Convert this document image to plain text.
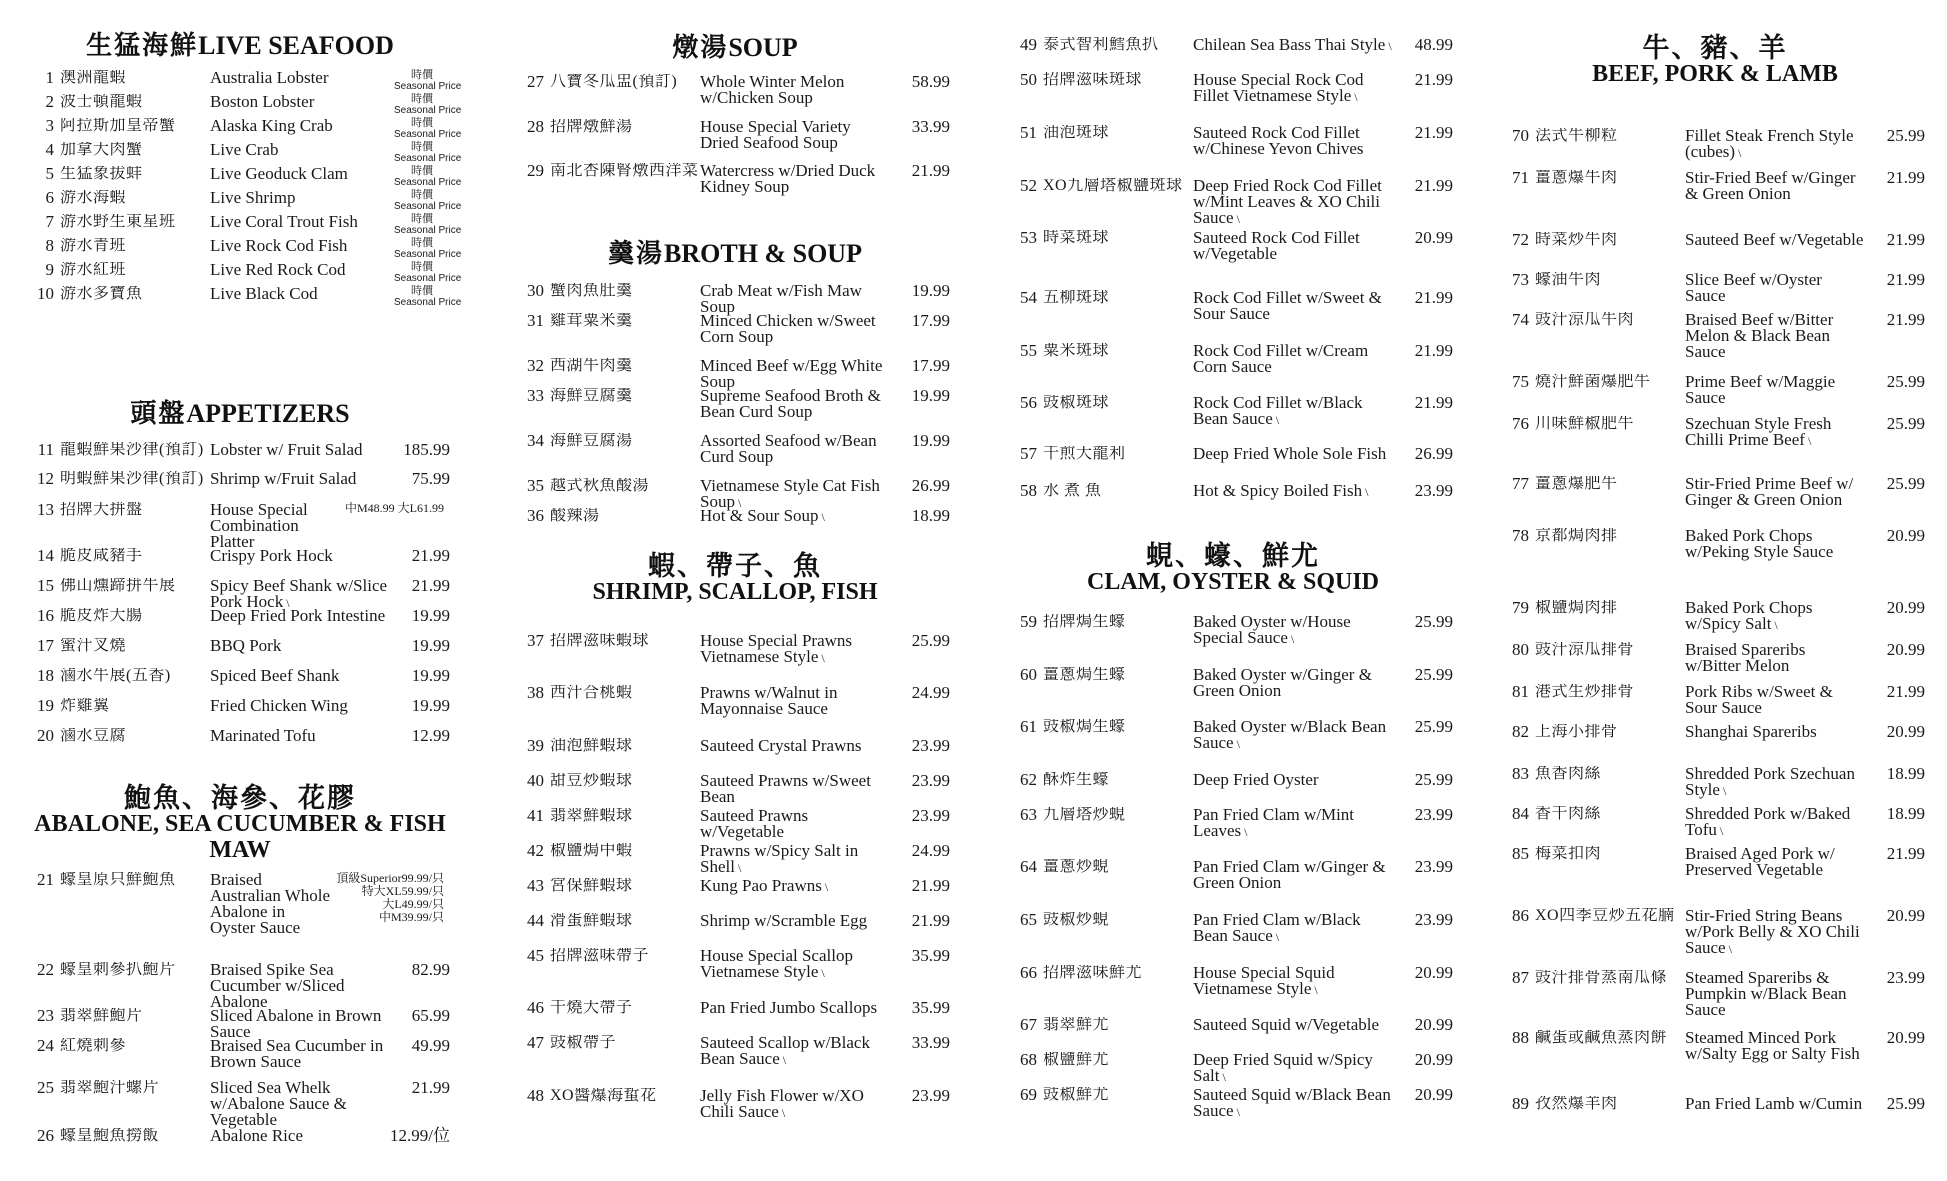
生猛海鮮LIVE SEAFOOD
1 澳洲龍蝦	Australia Lobster	時價
Seasonal Price
2 波士頓龍蝦	Boston Lobster	時價
Seasonal Price
3 阿拉斯加皇帝蟹	Alaska King Crab	時價
Seasonal Price
4 加拿大肉蟹	Live Crab	時價
Seasonal Price
5 生猛象拔蚌	Live Geoduck Clam	時價
Seasonal Price
6 游水海蝦	Live Shrimp	時價
Seasonal Price
7 游水野生東星班	Live Coral Trout Fish	時價
Seasonal Price
8 游水青班	Live Rock Cod Fish	時價
Seasonal Price
9 游水紅班	Live Red Rock Cod	時價
Seasonal Price
10 游水多寶魚	Live Black Cod	時價
Seasonal Price
頭盤APPETIZERS
11 龍蝦鮮果沙律(預訂) Lobster w/ Fruit Salad	185.99
12 明蝦鮮果沙律(預訂) Shrimp w/Fruit Salad	75.99
13 招牌大拼盤	House Special Combination Platter
中M48.99 大L61.99
14 脆皮咸豬手	Crispy Pork Hock	21.99
15 佛山燻蹄拼牛展	Spicy Beef Shank w/Slice Pork Hock \
21.99
16 脆皮炸大腸	Deep Fried Pork Intestine	19.99
17 蜜汁叉燒	BBQ Pork	19.99
18 滷水牛展(五香)	Spiced Beef Shank	19.99
19 炸雞翼	Fried Chicken Wing	19.99
20 滷水豆腐	Marinated Tofu	12.99
鮑魚、海參、花膠
ABALONE, SEA CUCUMBER & FISH MAW
21 蠔皇原只鮮鮑魚	Braised Australian Whole Abalone in Oyster Sauce
頂級Superior99.99/只
特大XL59.99/只
大L49.99/只
中M39.99/只
22 蠔皇刺參扒鮑片	Braised Spike Sea Cucumber w/Sliced Abalone
82.99
23 翡翠鮮鮑片	Sliced Abalone in Brown Sauce
65.99
24 紅燒刺參	Braised Sea Cucumber in Brown Sauce
49.99
25 翡翠鮑汁螺片	Sliced Sea Whelk w/Abalone Sauce & Vegetable
21.99
26 蠔皇鮑魚撈飯	Abalone Rice	12.99/位
燉湯SOUP
27 八寶冬瓜盅(預訂)	Whole Winter Melon w/Chicken Soup
58.99
28 招牌燉鮮湯	House Special Variety Dried Seafood Soup
33.99
29 南北杏陳腎燉西洋菜 Watercress w/Dried Duck Kidney Soup
21.99
羹湯BROTH & SOUP
30 蟹肉魚肚羹	Crab Meat w/Fish Maw Soup
19.99
31 雞茸粟米羹	Minced Chicken w/Sweet Corn Soup
17.99
32 西湖牛肉羹	Minced Beef w/Egg White Soup
17.99
33 海鮮豆腐羹	Supreme Seafood Broth & Bean Curd Soup
19.99
34 海鮮豆腐湯	Assorted Seafood w/Bean Curd Soup
19.99
35 越式秋魚酸湯	Vietnamese Style Cat Fish Soup \
26.99
36 酸辣湯	Hot & Sour Soup \	18.99
蝦、帶子、魚
SHRIMP, SCALLOP, FISH
37 招牌滋味蝦球	House Special Prawns Vietnamese Style \
25.99
38 西汁合桃蝦	Prawns w/Walnut in Mayonnaise Sauce
24.99
39 油泡鮮蝦球	Sauteed Crystal Prawns	23.99
40 甜豆炒蝦球	Sauteed Prawns w/Sweet Bean
23.99
41 翡翠鮮蝦球	Sauteed Prawns w/Vegetable
23.99
42 椒鹽焗中蝦	Prawns w/Spicy Salt in Shell \
24.99
43 宮保鮮蝦球	Kung Pao Prawns \	21.99
44 滑蛋鮮蝦球	Shrimp w/Scramble Egg	21.99
45 招牌滋味帶子	House Special Scallop Vietnamese Style \
35.99
46 干燒大帶子	Pan Fried Jumbo Scallops	35.99
47 豉椒帶子	Sauteed Scallop w/Black Bean Sauce \
33.99
48 XO醬爆海蜇花	Jelly Fish Flower w/XO Chili Sauce \
23.99
49 泰式智利鱈魚扒	Chilean Sea Bass Thai Style \	48.99
50 招牌滋味斑球	House Special Rock Cod Fillet Vietnamese Style \
21.99
51 油泡斑球	Sauteed Rock Cod Fillet w/Chinese Yevon Chives
21.99
52 XO九層塔椒鹽斑球 Deep Fried Rock Cod Fillet w/Mint Leaves & XO Chili Sauce \
21.99
53 時菜斑球	Sauteed Rock Cod Fillet w/Vegetable
20.99
54 五柳斑球	Rock Cod Fillet w/Sweet & Sour Sauce
21.99
55 粟米斑球	Rock Cod Fillet w/Cream Corn Sauce
21.99
56 豉椒斑球	Rock Cod Fillet w/Black Bean Sauce \
21.99
57 干煎大龍利	Deep Fried Whole Sole Fish	26.99
58 水 煮 魚	Hot & Spicy Boiled Fish \	23.99
蜆、蠔、鮮尤
CLAM, OYSTER & SQUID
59 招牌焗生蠔	Baked Oyster w/House Special Sauce \
25.99
60 薑蔥焗生蠔	Baked Oyster w/Ginger & Green Onion
25.99
61 豉椒焗生蠔	Baked Oyster w/Black Bean Sauce \
25.99
62 酥炸生蠔	Deep Fried Oyster	25.99
63 九層塔炒蜆	Pan Fried Clam w/Mint Leaves \
23.99
64 薑蔥炒蜆	Pan Fried Clam w/Ginger & Green Onion
23.99
65 豉椒炒蜆	Pan Fried Clam w/Black Bean Sauce \
23.99
66 招牌滋味鮮尤	House Special Squid Vietnamese Style \
20.99
67 翡翠鮮尤	Sauteed Squid w/Vegetable	20.99
68 椒鹽鮮尤	Deep Fried Squid w/Spicy Salt \
20.99
69 豉椒鮮尤	Sauteed Squid w/Black Bean Sauce \
20.99
牛、豬、羊
BEEF, PORK & LAMB
70 法式牛柳粒	Fillet Steak French Style (cubes) \
25.99
71 薑蔥爆牛肉	Stir-Fried Beef w/Ginger & Green Onion
21.99
72 時菜炒牛肉	Sauteed Beef w/Vegetable	21.99
73 蠔油牛肉	Slice Beef w/Oyster Sauce
21.99
74 豉汁涼瓜牛肉	Braised Beef w/Bitter Melon & Black Bean Sauce
21.99
75 燒汁鮮菌爆肥牛	Prime Beef w/Maggie Sauce
25.99
76 川味鮮椒肥牛	Szechuan Style Fresh Chilli Prime Beef \
25.99
77 薑蔥爆肥牛	Stir-Fried Prime Beef w/ Ginger & Green Onion
25.99
78 京都焗肉排	Baked Pork Chops w/Peking Style Sauce
20.99
79 椒鹽焗肉排	Baked Pork Chops w/Spicy Salt \
20.99
80 豉汁涼瓜排骨	Braised Spareribs w/Bitter Melon
20.99
81 港式生炒排骨	Pork Ribs w/Sweet & Sour Sauce
21.99
82 上海小排骨	Shanghai Spareribs	20.99
83 魚香肉絲	Shredded Pork Szechuan Style \
18.99
84 香干肉絲	Shredded Pork w/Baked Tofu \
18.99
85 梅菜扣肉	Braised Aged Pork w/ Preserved Vegetable
21.99
86 XO四季豆炒五花腩 Stir-Fried String Beans w/Pork Belly & XO Chili Sauce \
20.99
87 豉汁排骨蒸南瓜條	Steamed Spareribs & Pumpkin w/Black Bean Sauce
23.99
88 鹹蛋或鹹魚蒸肉餅	Steamed Minced Pork w/Salty Egg or Salty Fish
20.99
89 孜然爆羊肉	Pan Fried Lamb w/Cumin	25.99
